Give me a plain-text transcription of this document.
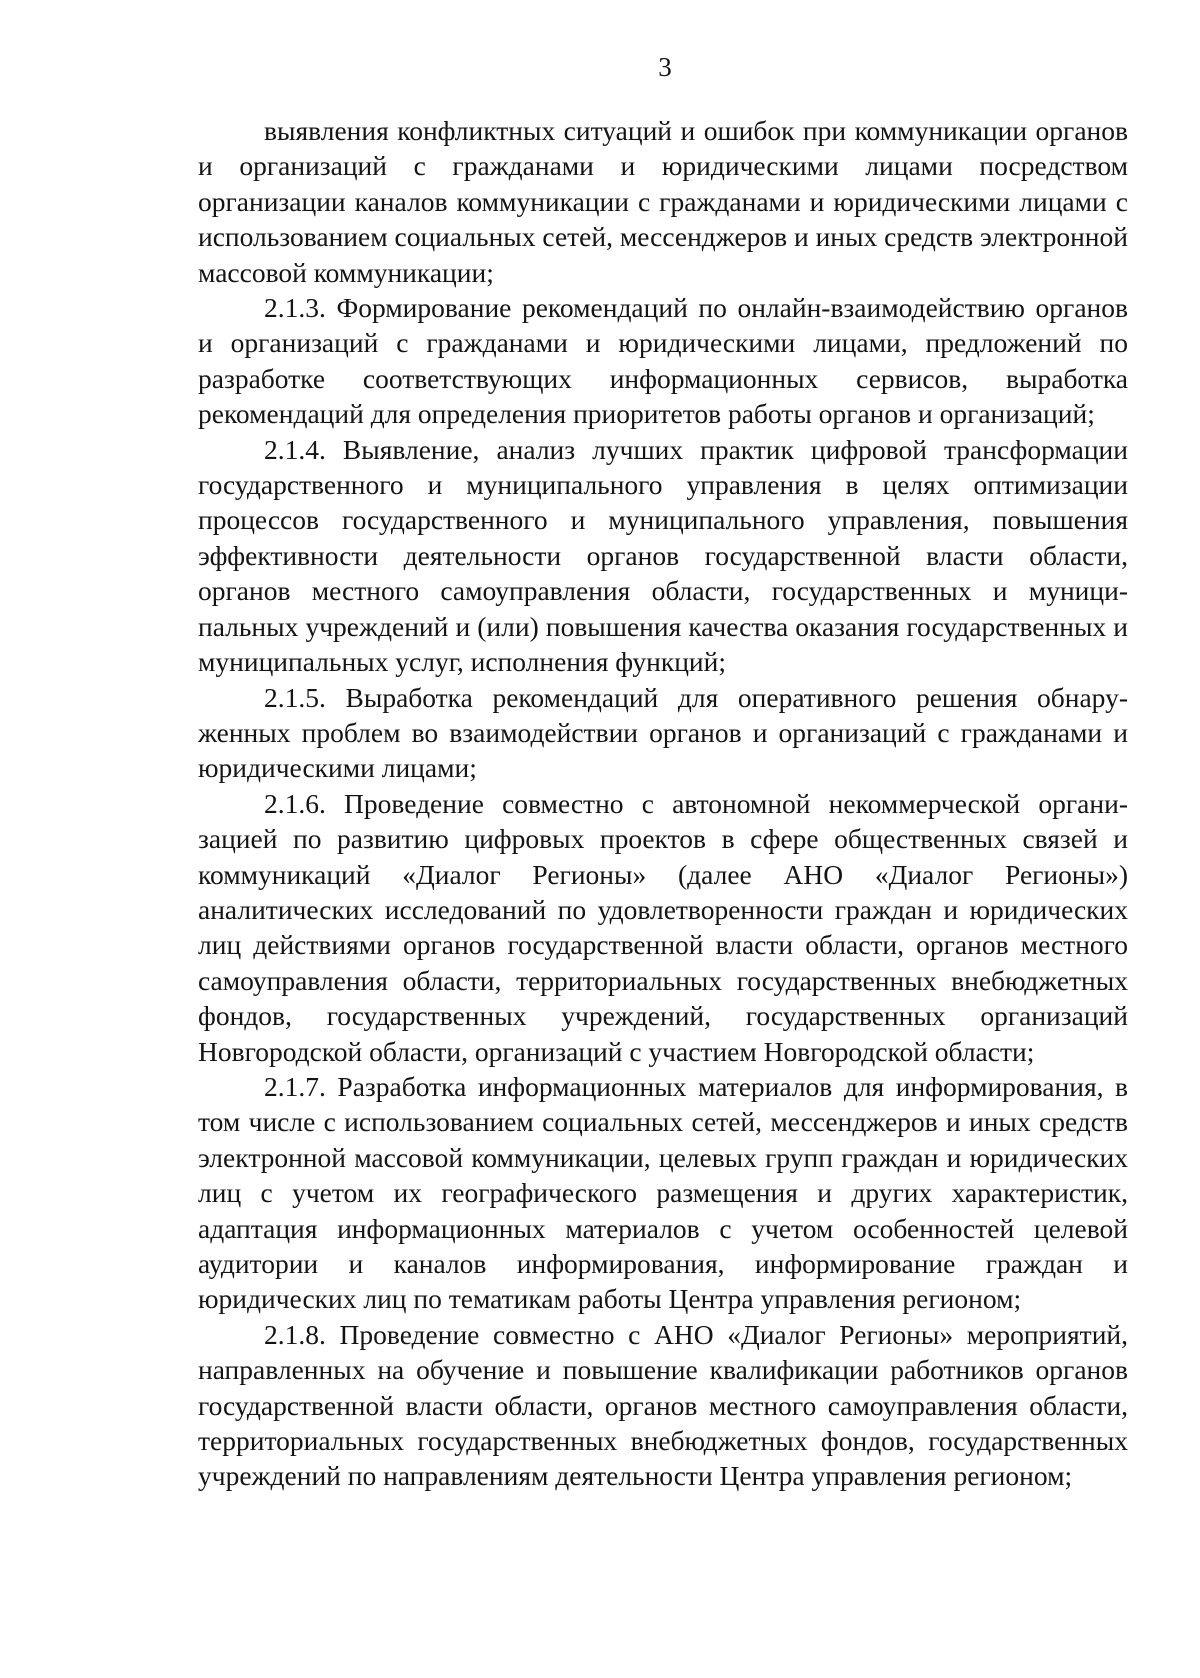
3

выявления конфликтных ситуаций и ошибок при коммуникации органов и организаций с гражданами и юридическими лицами посредством организации каналов коммуникации с гражданами и юридическими лицами с использованием социальных сетей, мессенджеров и иных средств электронной массовой коммуникации;

2.1.3. Формирование рекомендаций по онлайн-взаимодействию органов и организаций с гражданами и юридическими лицами, предложений по разработке соответствующих информационных сервисов, выработка рекомендаций для определения приоритетов работы органов и организаций;

2.1.4. Выявление, анализ лучших практик цифровой трансформации государственного и муниципального управления в целях оптимизации процессов государственного и муниципального управления, повышения эффективности деятельности органов государственной власти области, органов местного самоуправления области, государственных и муниципальных учреждений и (или) повышения качества оказания государственных и муниципальных услуг, исполнения функций;

2.1.5. Выработка рекомендаций для оперативного решения обнаруженных проблем во взаимодействии органов и организаций с гражданами и юридическими лицами;

2.1.6. Проведение совместно с автономной некоммерческой организацией по развитию цифровых проектов в сфере общественных связей и коммуникаций «Диалог Регионы» (далее АНО «Диалог Регионы») аналитических исследований по удовлетворенности граждан и юридических лиц действиями органов государственной власти области, органов местного самоуправления области, территориальных государственных внебюджетных фондов, государственных учреждений, государственных организаций Новгородской области, организаций с участием Новгородской области;

2.1.7. Разработка информационных материалов для информирования, в том числе с использованием социальных сетей, мессенджеров и иных средств электронной массовой коммуникации, целевых групп граждан и юридических лиц с учетом их географического размещения и других характеристик, адаптация информационных материалов с учетом особенностей целевой аудитории и каналов информирования, информирование граждан и юридических лиц по тематикам работы Центра управления регионом;

2.1.8. Проведение совместно с АНО «Диалог Регионы» мероприятий, направленных на обучение и повышение квалификации работников органов государственной власти области, органов местного самоуправления области, территориальных государственных внебюджетных фондов, государственных учреждений по направлениям деятельности Центра управления регионом;
